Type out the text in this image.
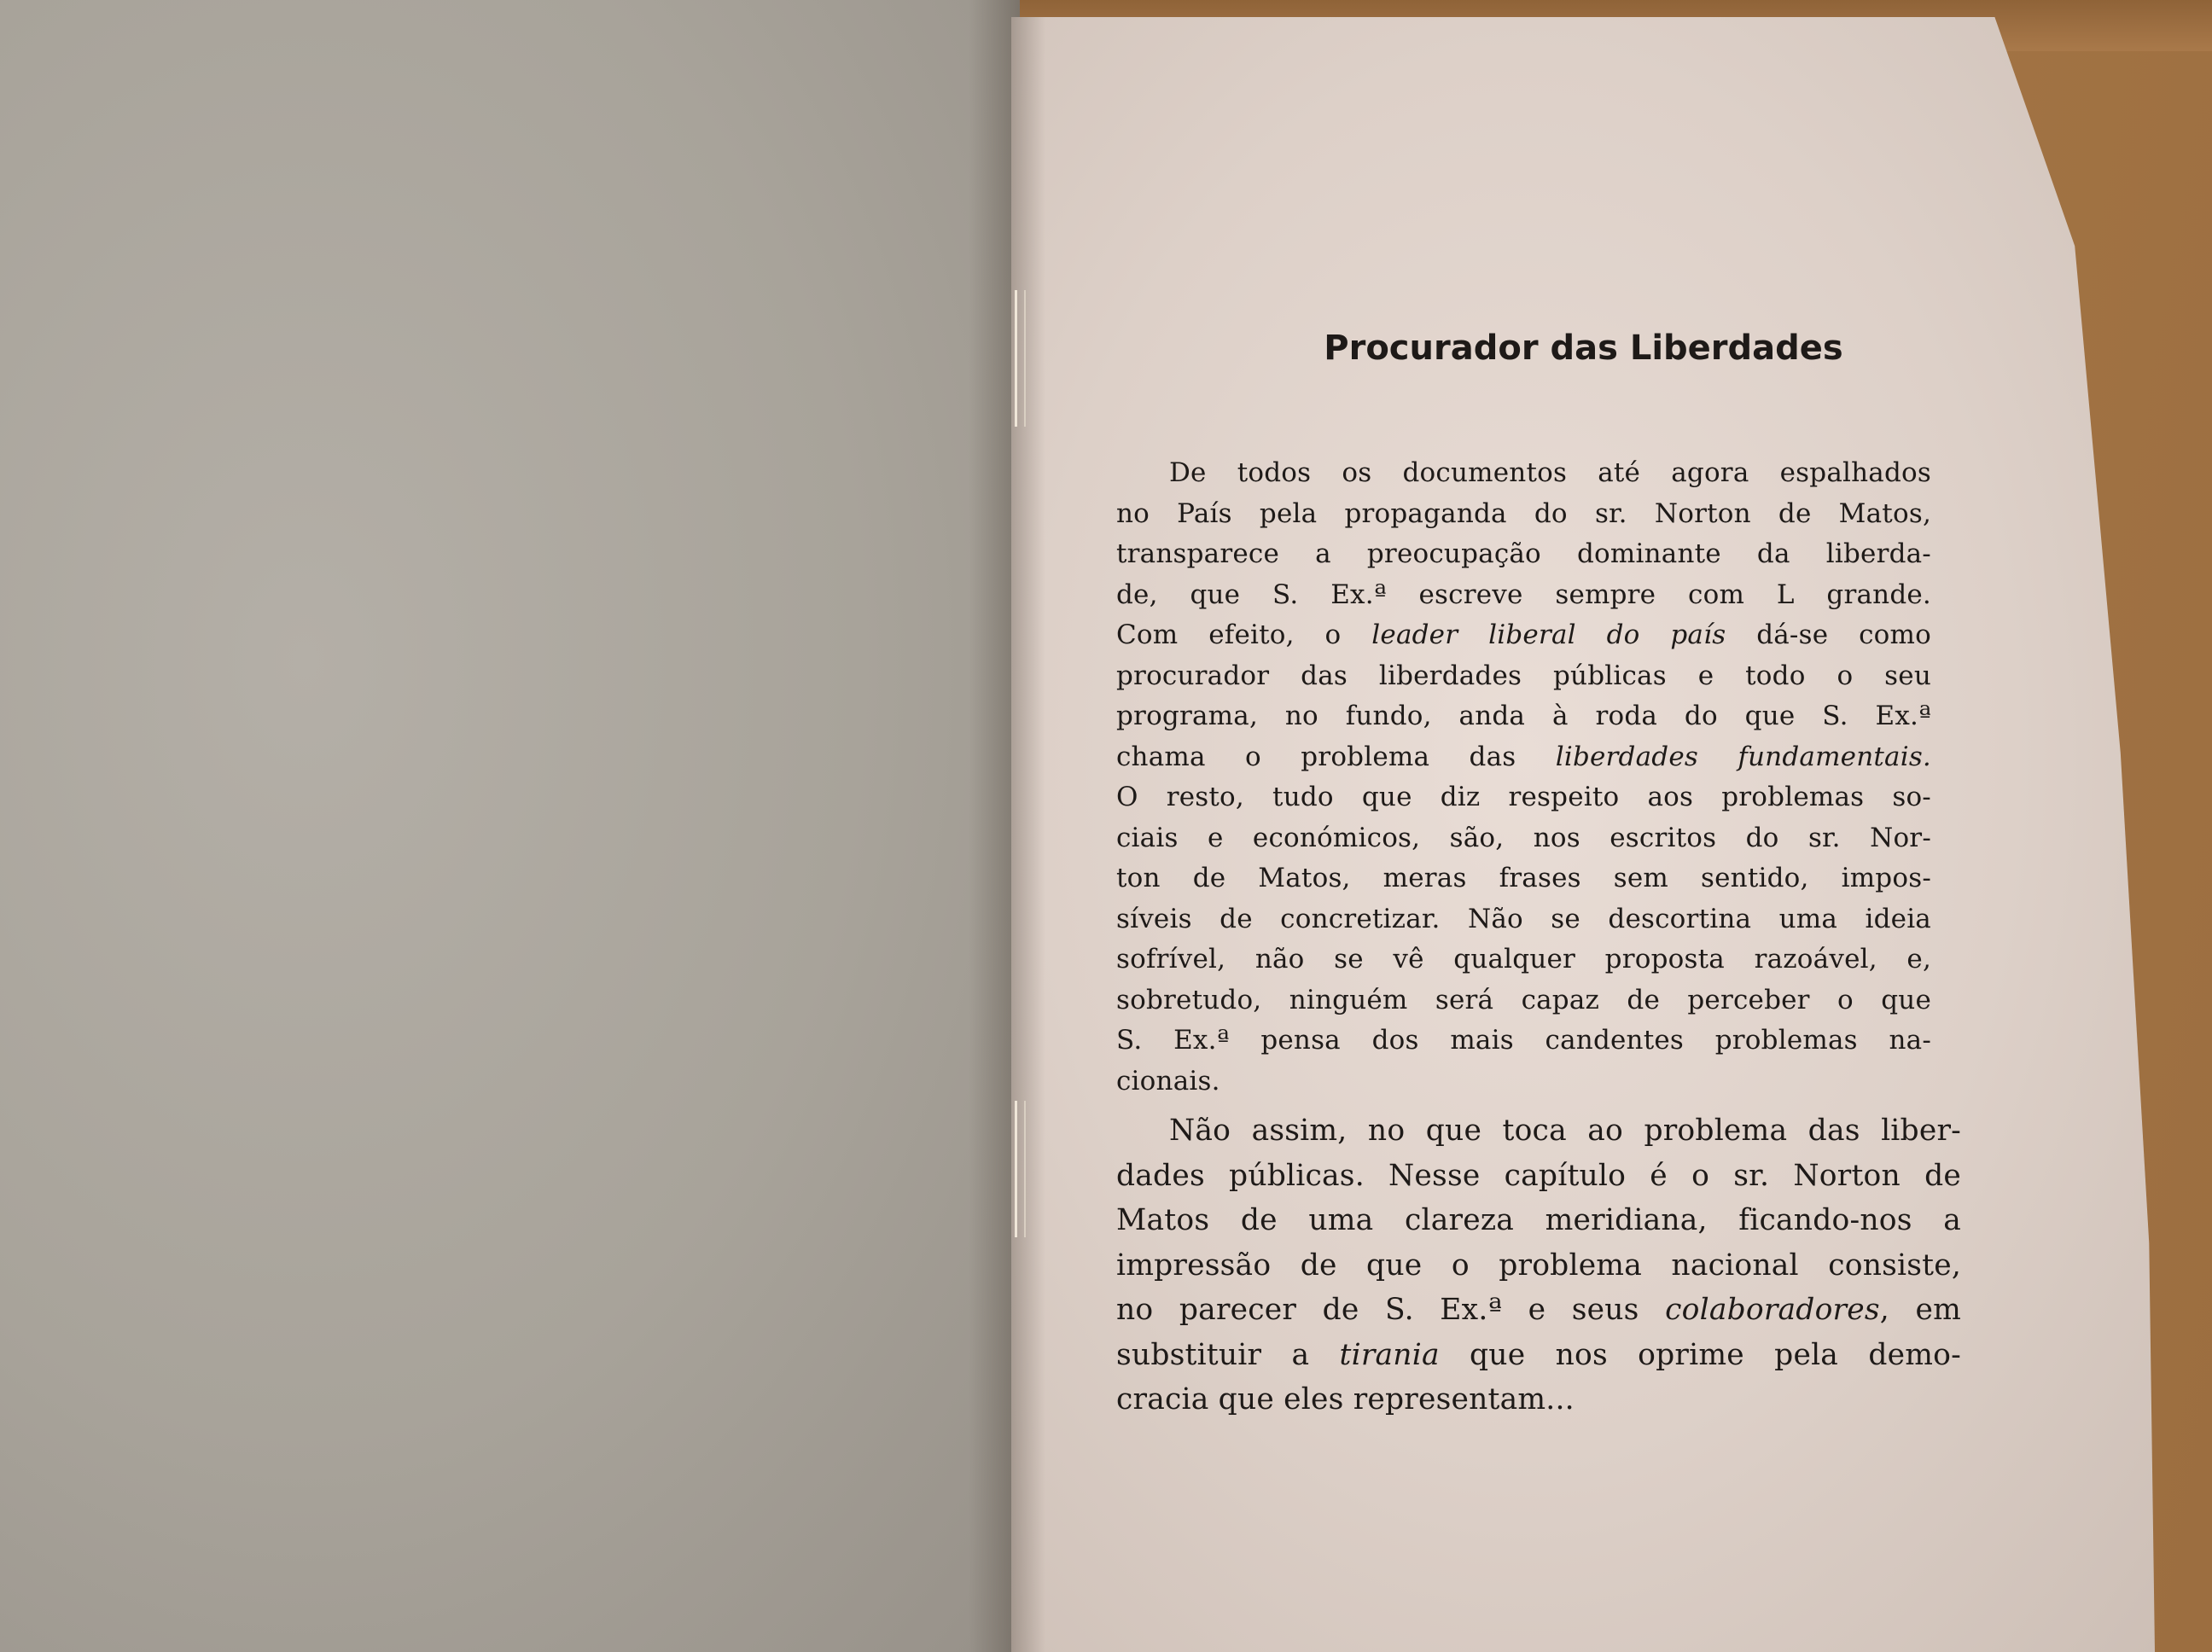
Procurador das Liberdades
De todos os documentos até agora espalhados
no País pela propaganda do sr. Norton de Matos,
transparece a preocupação dominante da liberda-
de, que S. Ex.ª escreve sempre com L grande.
Com efeito, o leader liberal do país dá-se como
procurador das liberdades públicas e todo o seu
programa, no fundo, anda à roda do que S. Ex.ª
chama o problema das liberdades fundamentais.
O resto, tudo que diz respeito aos problemas so-
ciais e económicos, são, nos escritos do sr. Nor-
ton de Matos, meras frases sem sentido, impos-
síveis de concretizar. Não se descortina uma ideia
sofrível, não se vê qualquer proposta razoável, e,
sobretudo, ninguém será capaz de perceber o que
S. Ex.ª pensa dos mais candentes problemas na-
cionais.
Não assim, no que toca ao problema das liber-
dades públicas. Nesse capítulo é o sr. Norton de
Matos de uma clareza meridiana, ficando-nos a
impressão de que o problema nacional consiste,
no parecer de S. Ex.ª e seus colaboradores, em
substituir a tirania que nos oprime pela demo-
cracia que eles representam...
